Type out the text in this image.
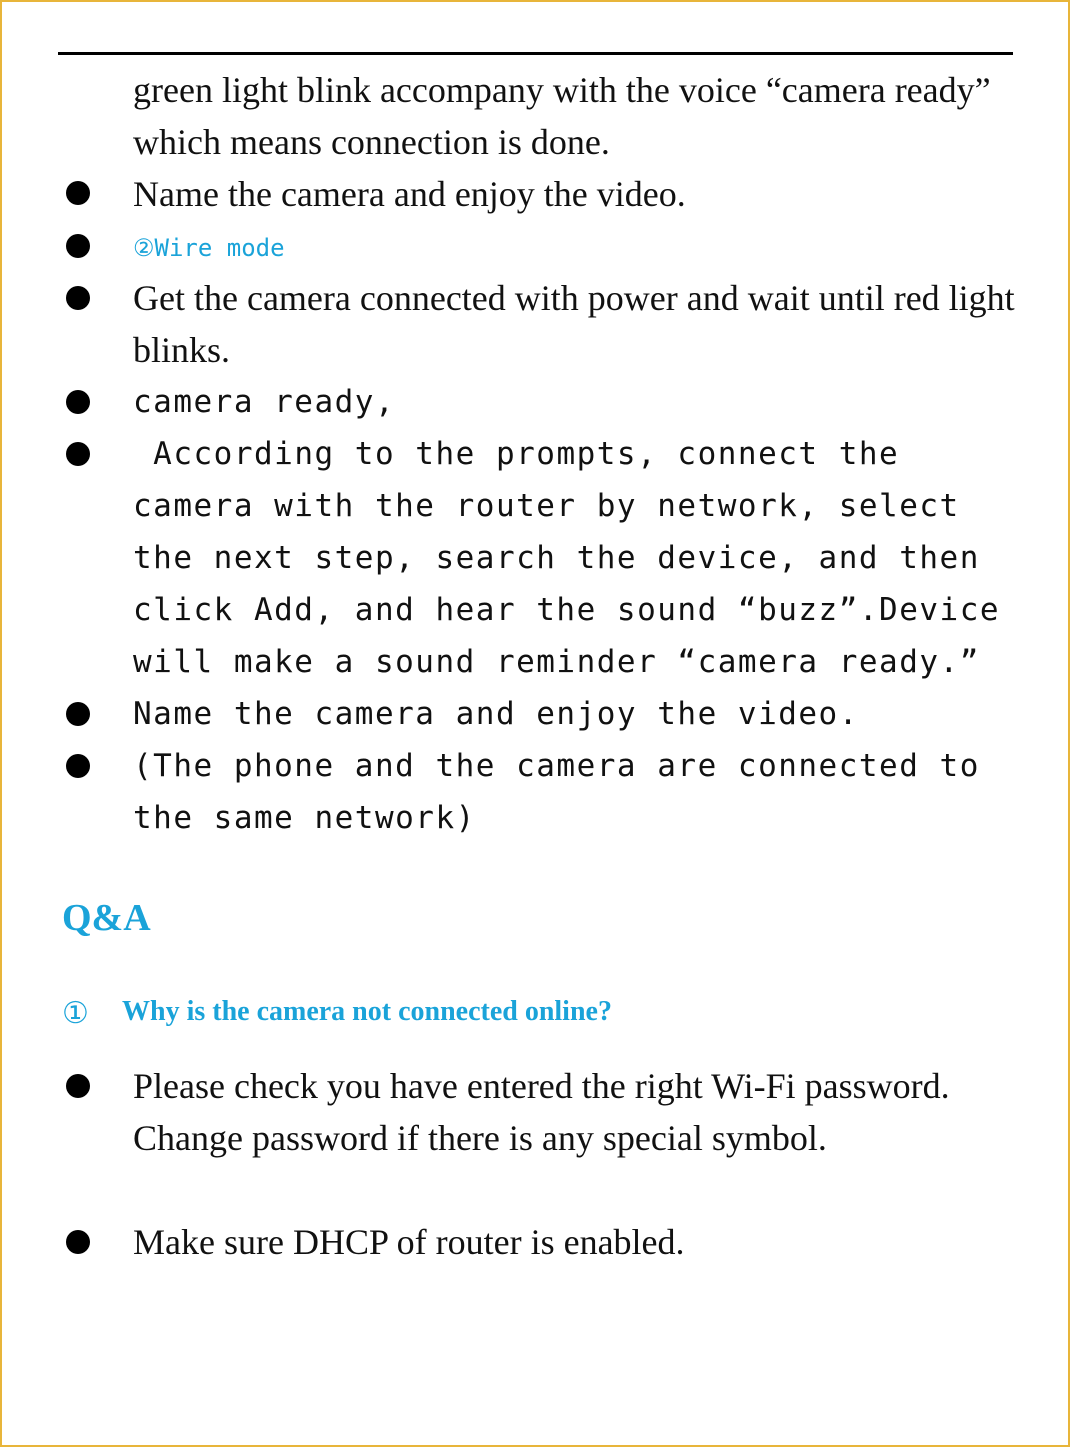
green light blink accompany with the voice “camera ready” which means connection is done.
Name the camera and enjoy the video.
②Wire mode
Get the camera connected with power and wait until red light blinks.
camera ready,
According to the prompts, connect the camera with the router by network, select the next step, search the device, and then click Add, and hear the sound “buzz”.Device will make a sound reminder “camera ready.”
Name the camera and enjoy the video.
(The phone and the camera are connected to the same network)
Q&A
① Why is the camera not connected online?
Please check you have entered the right Wi-Fi password. Change password if there is any special symbol.
Make sure DHCP of router is enabled.
